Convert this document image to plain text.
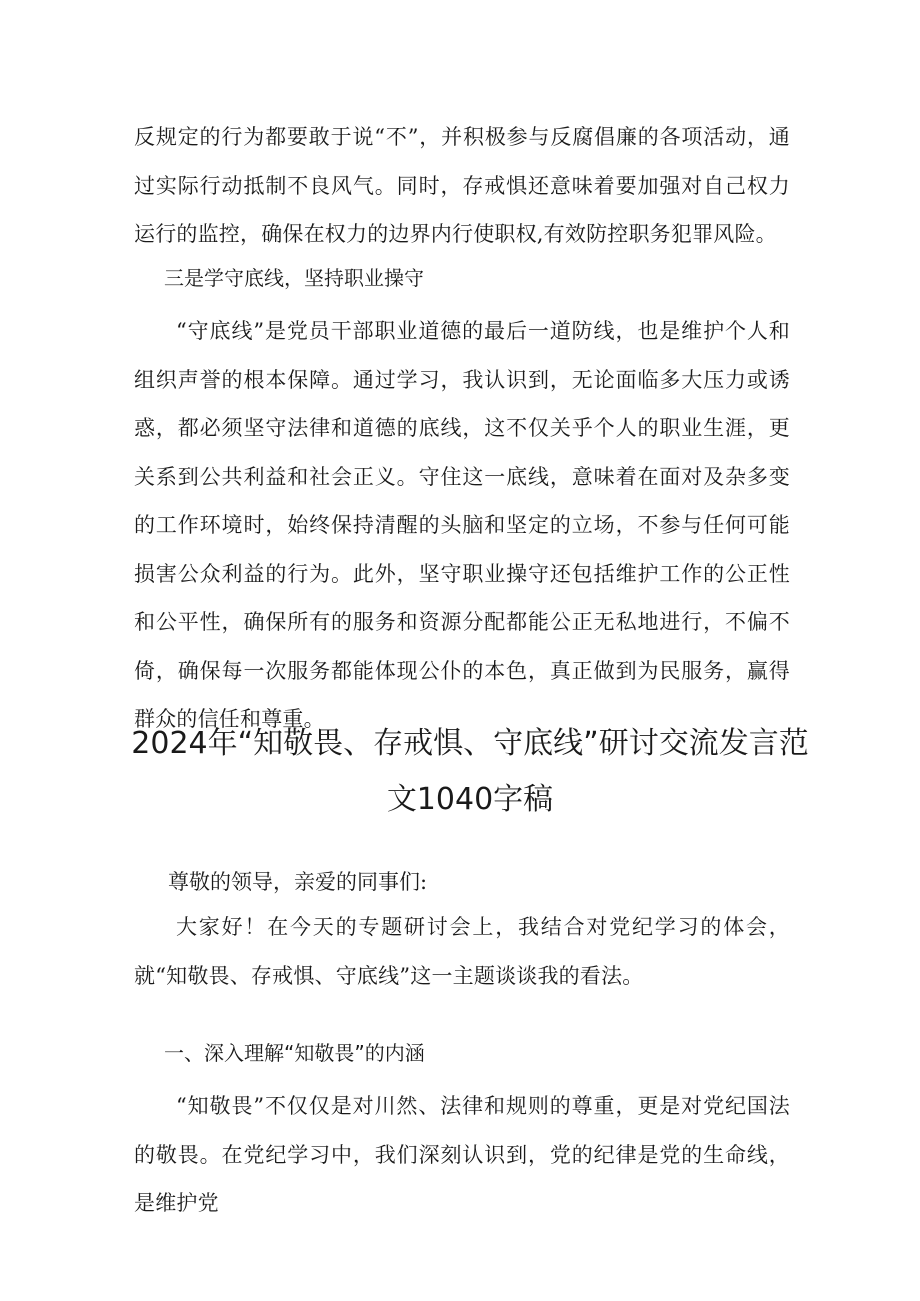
反规定的行为都要敢于说“不”，并积极参与反腐倡廉的各项活动，通过实际行动抵制不良风气。同时，存戒惧还意味着要加强对自己权力运行的监控，确保在权力的边界内行使职权,有效防控职务犯罪风险。

三是学守底线，坚持职业操守

“守底线”是党员干部职业道德的最后一道防线，也是维护个人和组织声誉的根本保障。通过学习，我认识到，无论面临多大压力或诱惑，都必须坚守法律和道德的底线，这不仅关乎个人的职业生涯，更关系到公共利益和社会正义。守住这一底线，意味着在面对及杂多变的工作环境时，始终保持清醒的头脑和坚定的立场，不参与任何可能损害公众利益的行为。此外，坚守职业操守还包括维护工作的公正性和公平性，确保所有的服务和资源分配都能公正无私地进行，不偏不倚，确保每一次服务都能体现公仆的本色，真正做到为民服务，赢得群众的信任和尊重。

2024年“知敬畏、存戒惧、守底线”研讨交流发言范
文1040字稿

尊敬的领导，亲爱的同事们:

大家好！在今天的专题研讨会上，我结合对党纪学习的体会，就“知敬畏、存戒惧、守底线”这一主题谈谈我的看法。

一、深入理解“知敬畏”的内涵

“知敬畏”不仅仅是对川然、法律和规则的尊重，更是对党纪国法的敬畏。在党纪学习中，我们深刻认识到，党的纪律是党的生命线，是维护党
